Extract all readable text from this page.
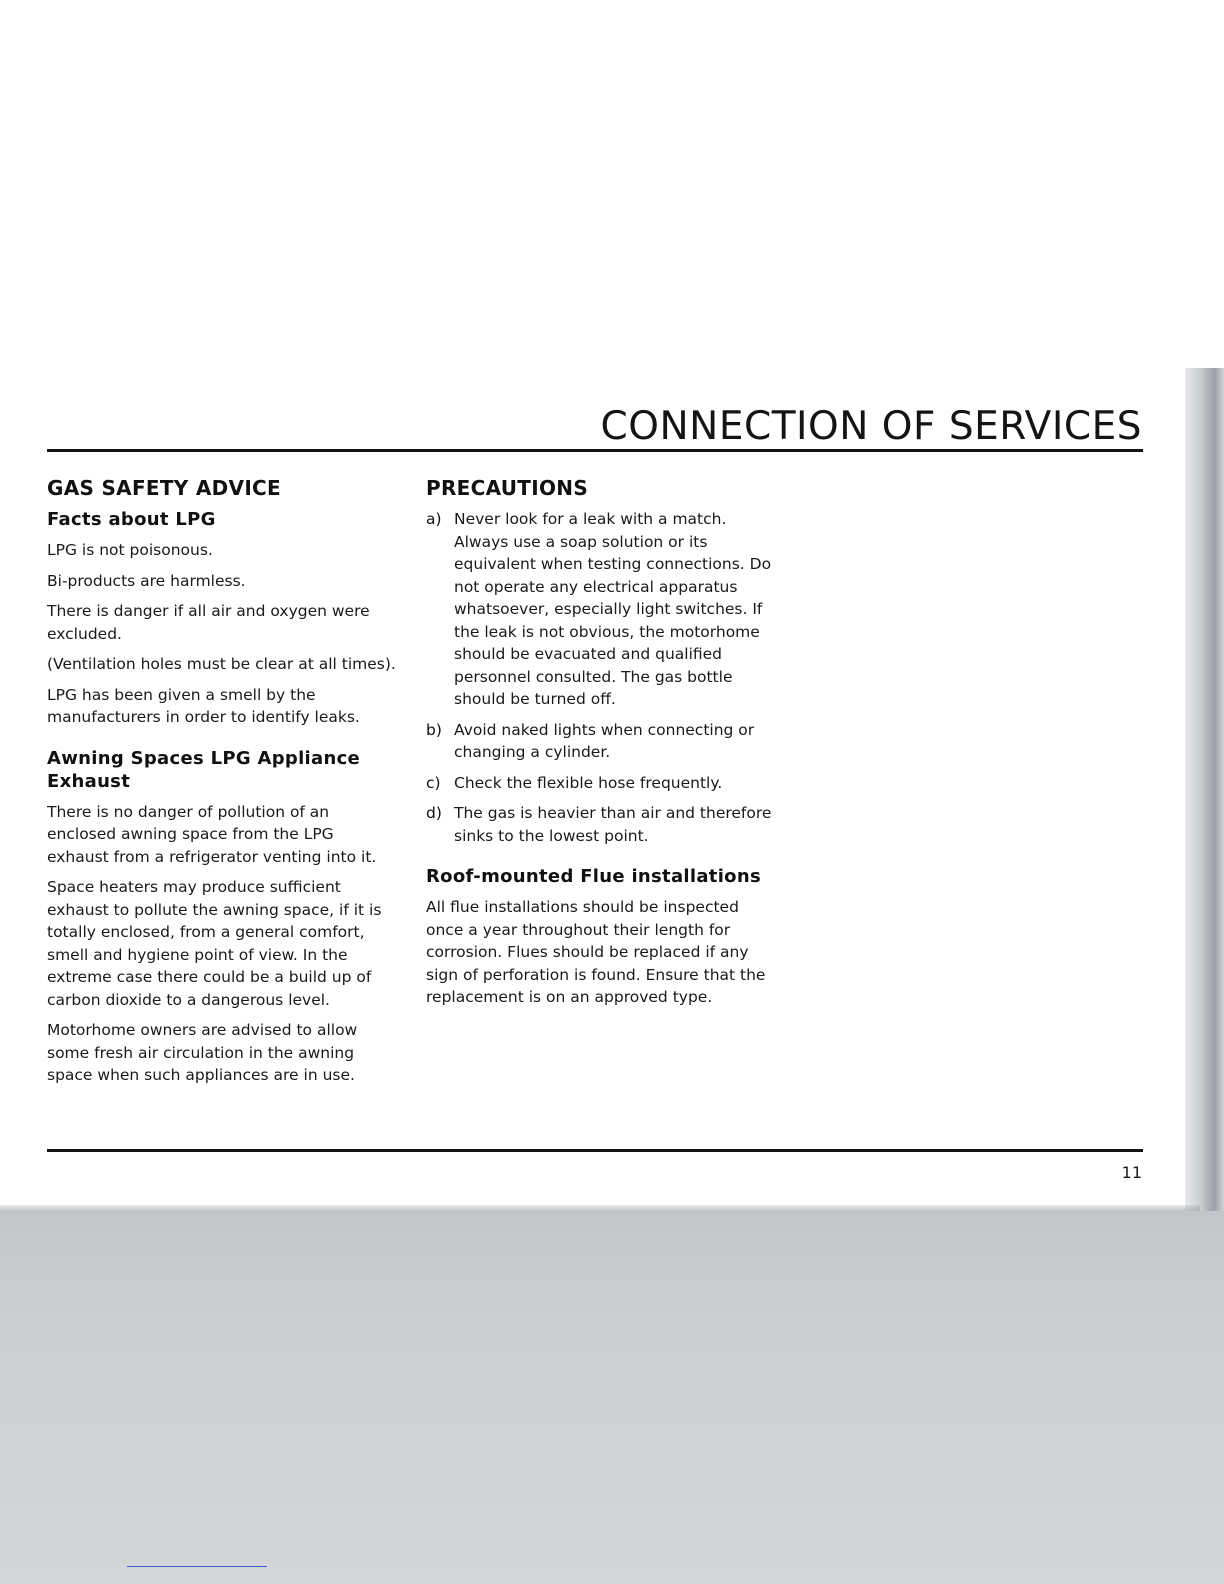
CONNECTION OF SERVICES
GAS SAFETY ADVICE
Facts about LPG

LPG is not poisonous.

Bi-products are harmless.

There is danger if all air and oxygen were excluded.

(Ventilation holes must be clear at all times).

LPG has been given a smell by the manufacturers in order to identify leaks.

Awning Spaces LPG Appliance Exhaust

There is no danger of pollution of an enclosed awning space from the LPG exhaust from a refrigerator venting into it.

Space heaters may produce sufficient exhaust to pollute the awning space, if it is totally enclosed, from a general comfort, smell and hygiene point of view. In the extreme case there could be a build up of carbon dioxide to a dangerous level.

Motorhome owners are advised to allow some fresh air circulation in the awning space when such appliances are in use.

PRECAUTIONS
a) Never look for a leak with a match. Always use a soap solution or its equivalent when testing connections. Do not operate any electrical apparatus whatsoever, especially light switches. If the leak is not obvious, the motorhome should be evacuated and qualified personnel consulted. The gas bottle should be turned off.
b) Avoid naked lights when connecting or changing a cylinder.
c) Check the flexible hose frequently.
d) The gas is heavier than air and therefore sinks to the lowest point.
Roof-mounted Flue installations

All flue installations should be inspected once a year throughout their length for corrosion. Flues should be replaced if any sign of perforation is found. Ensure that the replacement is on an approved type.

11
